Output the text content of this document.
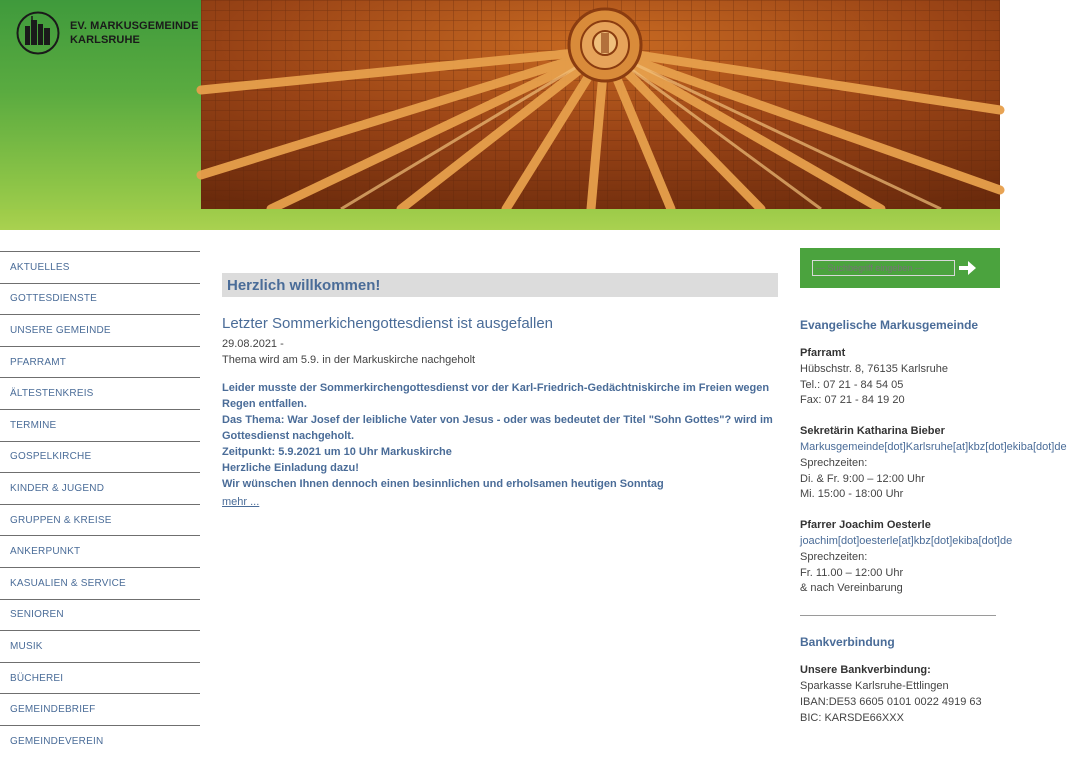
EV. MARKUSGEMEINDE
KARLSRUHE
AKTUELLES
GOTTESDIENSTE
UNSERE GEMEINDE
PFARRAMT
ÄLTESTENKREIS
TERMINE
GOSPELKIRCHE
KINDER & JUGEND
GRUPPEN & KREISE
ANKERPUNKT
KASUALIEN & SERVICE
SENIOREN
MUSIK
BÜCHEREI
GEMEINDEBRIEF
GEMEINDEVEREIN
Herzlich willkommen!
Letzter Sommerkichengottesdienst ist ausgefallen
29.08.2021 -
Thema wird am 5.9. in der Markuskirche nachgeholt
Leider musste der Sommerkirchengottesdienst vor der Karl-Friedrich-Gedächtniskirche im Freien wegen
Regen entfallen.
Das Thema: War Josef der leibliche Vater von Jesus - oder was bedeutet der Titel "Sohn Gottes"? wird im
Gottesdienst nachgeholt.
Zeitpunkt: 5.9.2021 um 10 Uhr Markuskirche
Herzliche Einladung dazu!
Wir wünschen Ihnen dennoch einen besinnlichen und erholsamen heutigen Sonntag
mehr ...
--- Suchbegriff eingeben ---
Evangelische Markusgemeinde
Pfarramt
Hübschstr. 8, 76135 Karlsruhe
Tel.: 07 21 - 84 54 05
Fax: 07 21 - 84 19 20
Sekretärin Katharina Bieber
Markusgemeinde[dot]Karlsruhe[at]kbz[dot]ekiba[dot]de
Sprechzeiten:
Di. & Fr. 9:00 – 12:00 Uhr
Mi. 15:00 - 18:00 Uhr
Pfarrer Joachim Oesterle
joachim[dot]oesterle[at]kbz[dot]ekiba[dot]de
Sprechzeiten:
Fr. 11.00 – 12:00 Uhr
& nach Vereinbarung
Bankverbindung
Unsere Bankverbindung:
Sparkasse Karlsruhe-Ettlingen
IBAN:DE53 6605 0101 0022 4919 63
BIC: KARSDE66XXX
